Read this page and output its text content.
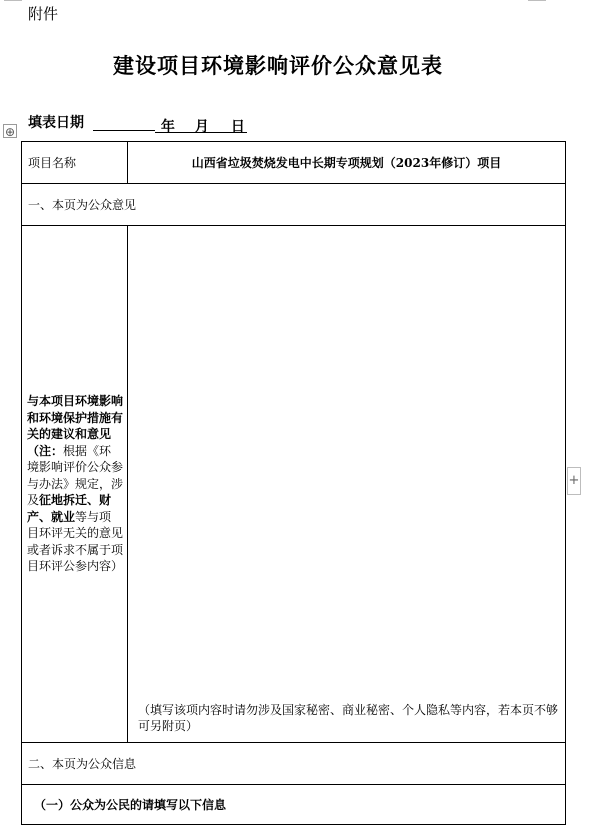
附件
建设项目环境影响评价公众意见表
⊕
填表日期	年 月 日
项目名称	山西省垃圾焚烧发电中长期专项规划（2023年修订）项目
一、本页为公众意见	
与本项目环境影响和环境保护措施有关的建议和意见（注：根据《环境影响评价公众参与办法》规定，涉及征地拆迁、财产、就业等与项目环评无关的意见或者诉求不属于项目环评公参内容）	（填写该项内容时请勿涉及国家秘密、商业秘密、个人隐私等内容，若本页不够可另附页）
二、本页为公众信息	
（一）公众为公民的请填写以下信息	
+
